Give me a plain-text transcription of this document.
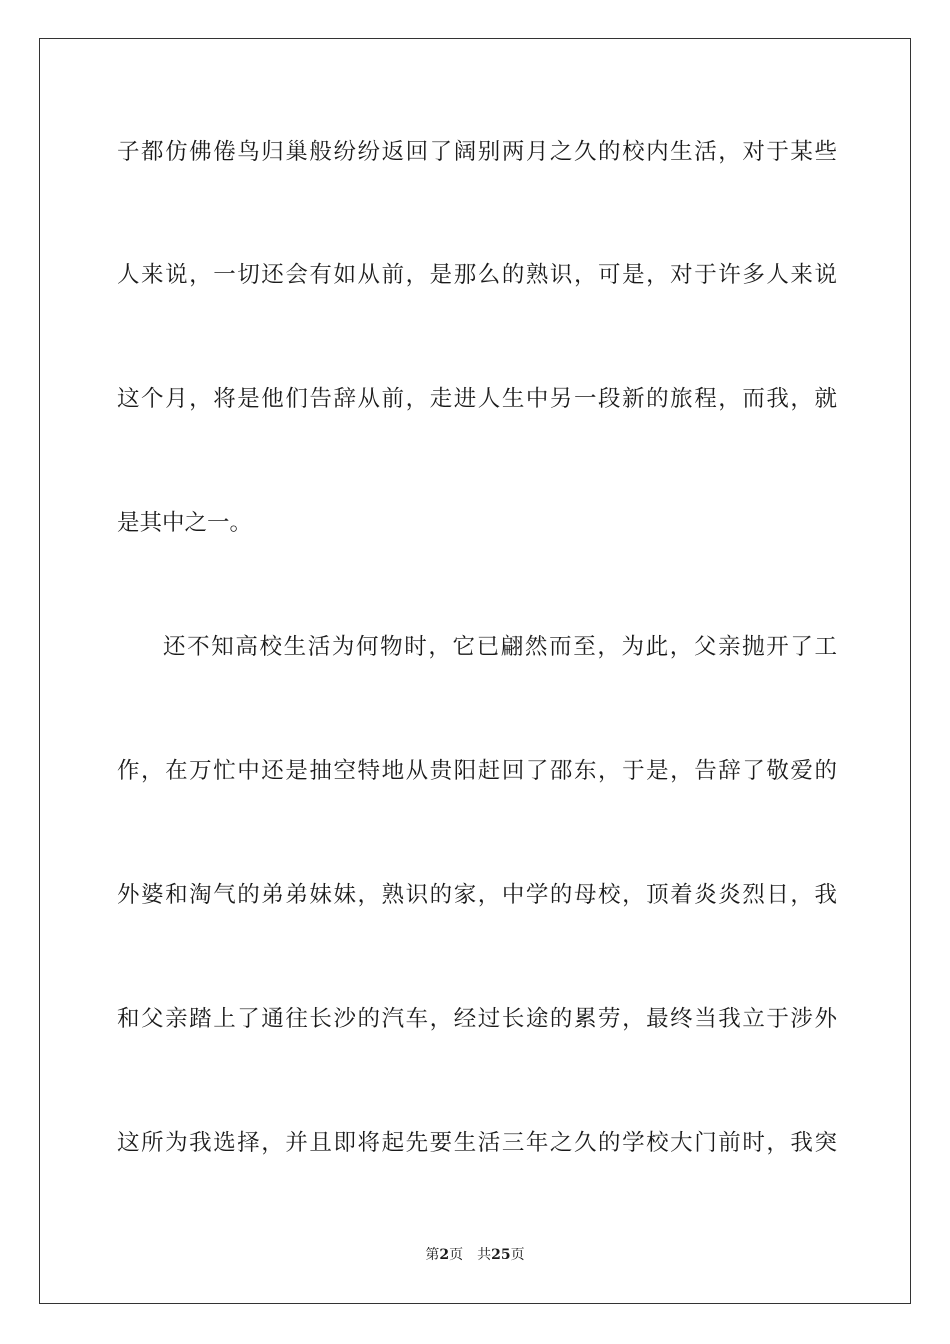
子都仿佛倦鸟归巢般纷纷返回了阔别两月之久的校内生活，对于某些
人来说，一切还会有如从前，是那么的熟识，可是，对于许多人来说
这个月，将是他们告辞从前，走进人生中另一段新的旅程，而我，就
是其中之一。
还不知高校生活为何物时，它已翩然而至，为此，父亲抛开了工
作，在万忙中还是抽空特地从贵阳赶回了邵东，于是，告辞了敬爱的
外婆和淘气的弟弟妹妹，熟识的家，中学的母校，顶着炎炎烈日，我
和父亲踏上了通往长沙的汽车，经过长途的累劳，最终当我立于涉外
这所为我选择，并且即将起先要生活三年之久的学校大门前时，我突
第2页 共25页
